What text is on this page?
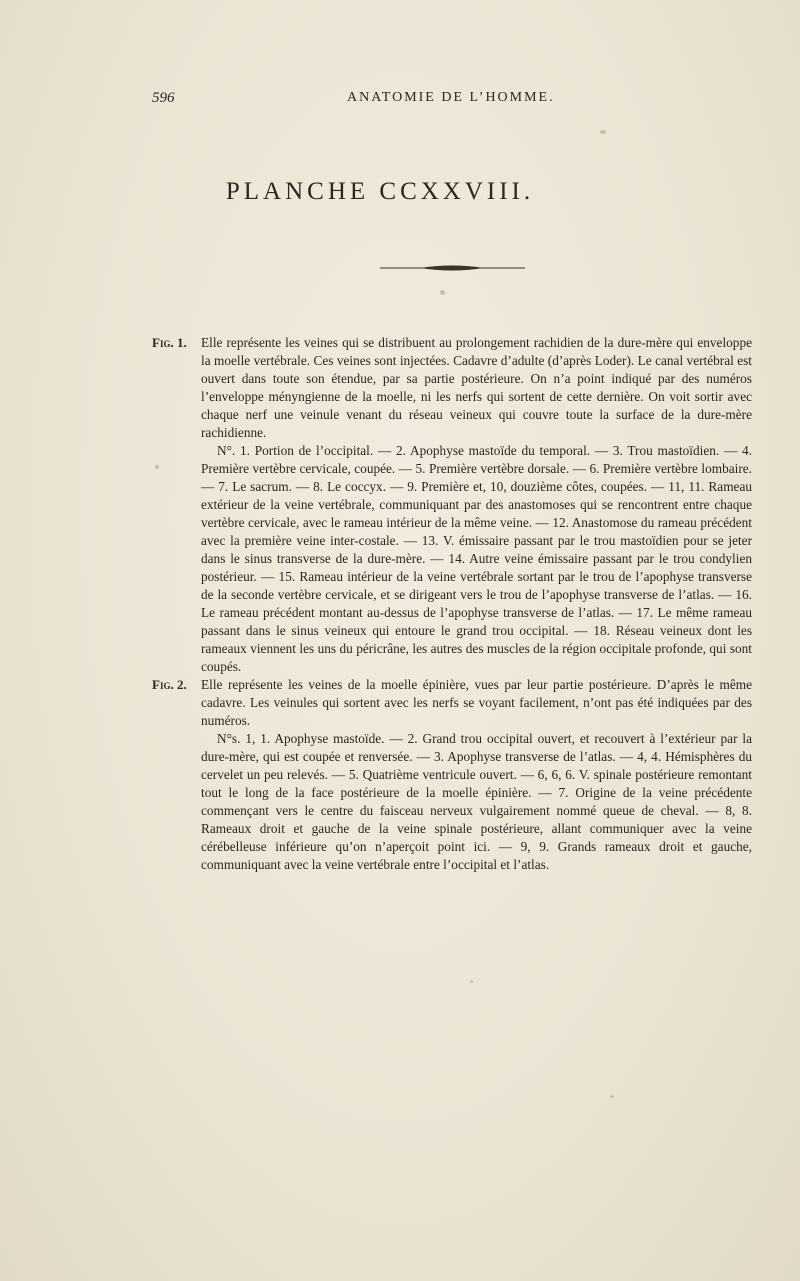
596	ANATOMIE DE L’HOMME.
PLANCHE CCXXVIII.
Fig. 1. Elle représente les veines qui se distribuent au prolongement rachidien de la dure-mère qui enveloppe la moelle vertébrale. Ces veines sont injectées. Cadavre d’adulte (d’après Loder). Le canal vertébral est ouvert dans toute son étendue, par sa partie postérieure. On n’a point indiqué par des numéros l’enveloppe ményngienne de la moelle, ni les nerfs qui sortent de cette dernière. On voit sortir avec chaque nerf une veinule venant du réseau veineux qui couvre toute la surface de la dure-mère rachidienne.

N°. 1. Portion de l’occipital. — 2. Apophyse mastoïde du temporal. — 3. Trou mastoïdien. — 4. Première vertèbre cervicale, coupée. — 5. Première vertèbre dorsale. — 6. Première vertèbre lombaire. — 7. Le sacrum. — 8. Le coccyx. — 9. Première et, 10, douzième côtes, coupées. — 11, 11. Rameau extérieur de la veine vertébrale, communiquant par des anastomoses qui se rencontrent entre chaque vertèbre cervicale, avec le rameau intérieur de la même veine. — 12. Anastomose du rameau précédent avec la première veine inter-costale. — 13. V. émissaire passant par le trou mastoïdien pour se jeter dans le sinus transverse de la dure-mère. — 14. Autre veine émissaire passant par le trou condylien postérieur. — 15. Rameau intérieur de la veine vertébrale sortant par le trou de l’apophyse transverse de la seconde vertèbre cervicale, et se dirigeant vers le trou de l’apophyse transverse de l’atlas. — 16. Le rameau précédent montant au-dessus de l’apophyse transverse de l’atlas. — 17. Le même rameau passant dans le sinus veineux qui entoure le grand trou occipital. — 18. Réseau veineux dont les rameaux viennent les uns du péricrâne, les autres des muscles de la région occipitale profonde, qui sont coupés.

Fig. 2. Elle représente les veines de la moelle épinière, vues par leur partie postérieure. D’après le même cadavre. Les veinules qui sortent avec les nerfs se voyant facilement, n’ont pas été indiquées par des numéros.

N°s. 1, 1. Apophyse mastoïde. — 2. Grand trou occipital ouvert, et recouvert à l’extérieur par la dure-mère, qui est coupée et renversée. — 3. Apophyse transverse de l’atlas. — 4, 4. Hémisphères du cervelet un peu relevés. — 5. Quatrième ventricule ouvert. — 6, 6, 6. V. spinale postérieure remontant tout le long de la face postérieure de la moelle épinière. — 7. Origine de la veine précédente commençant vers le centre du faisceau nerveux vulgairement nommé queue de cheval. — 8, 8. Rameaux droit et gauche de la veine spinale postérieure, allant communiquer avec la veine cérébelleuse inférieure qu’on n’aperçoit point ici. — 9, 9. Grands rameaux droit et gauche, communiquant avec la veine vertébrale entre l’occipital et l’atlas.
